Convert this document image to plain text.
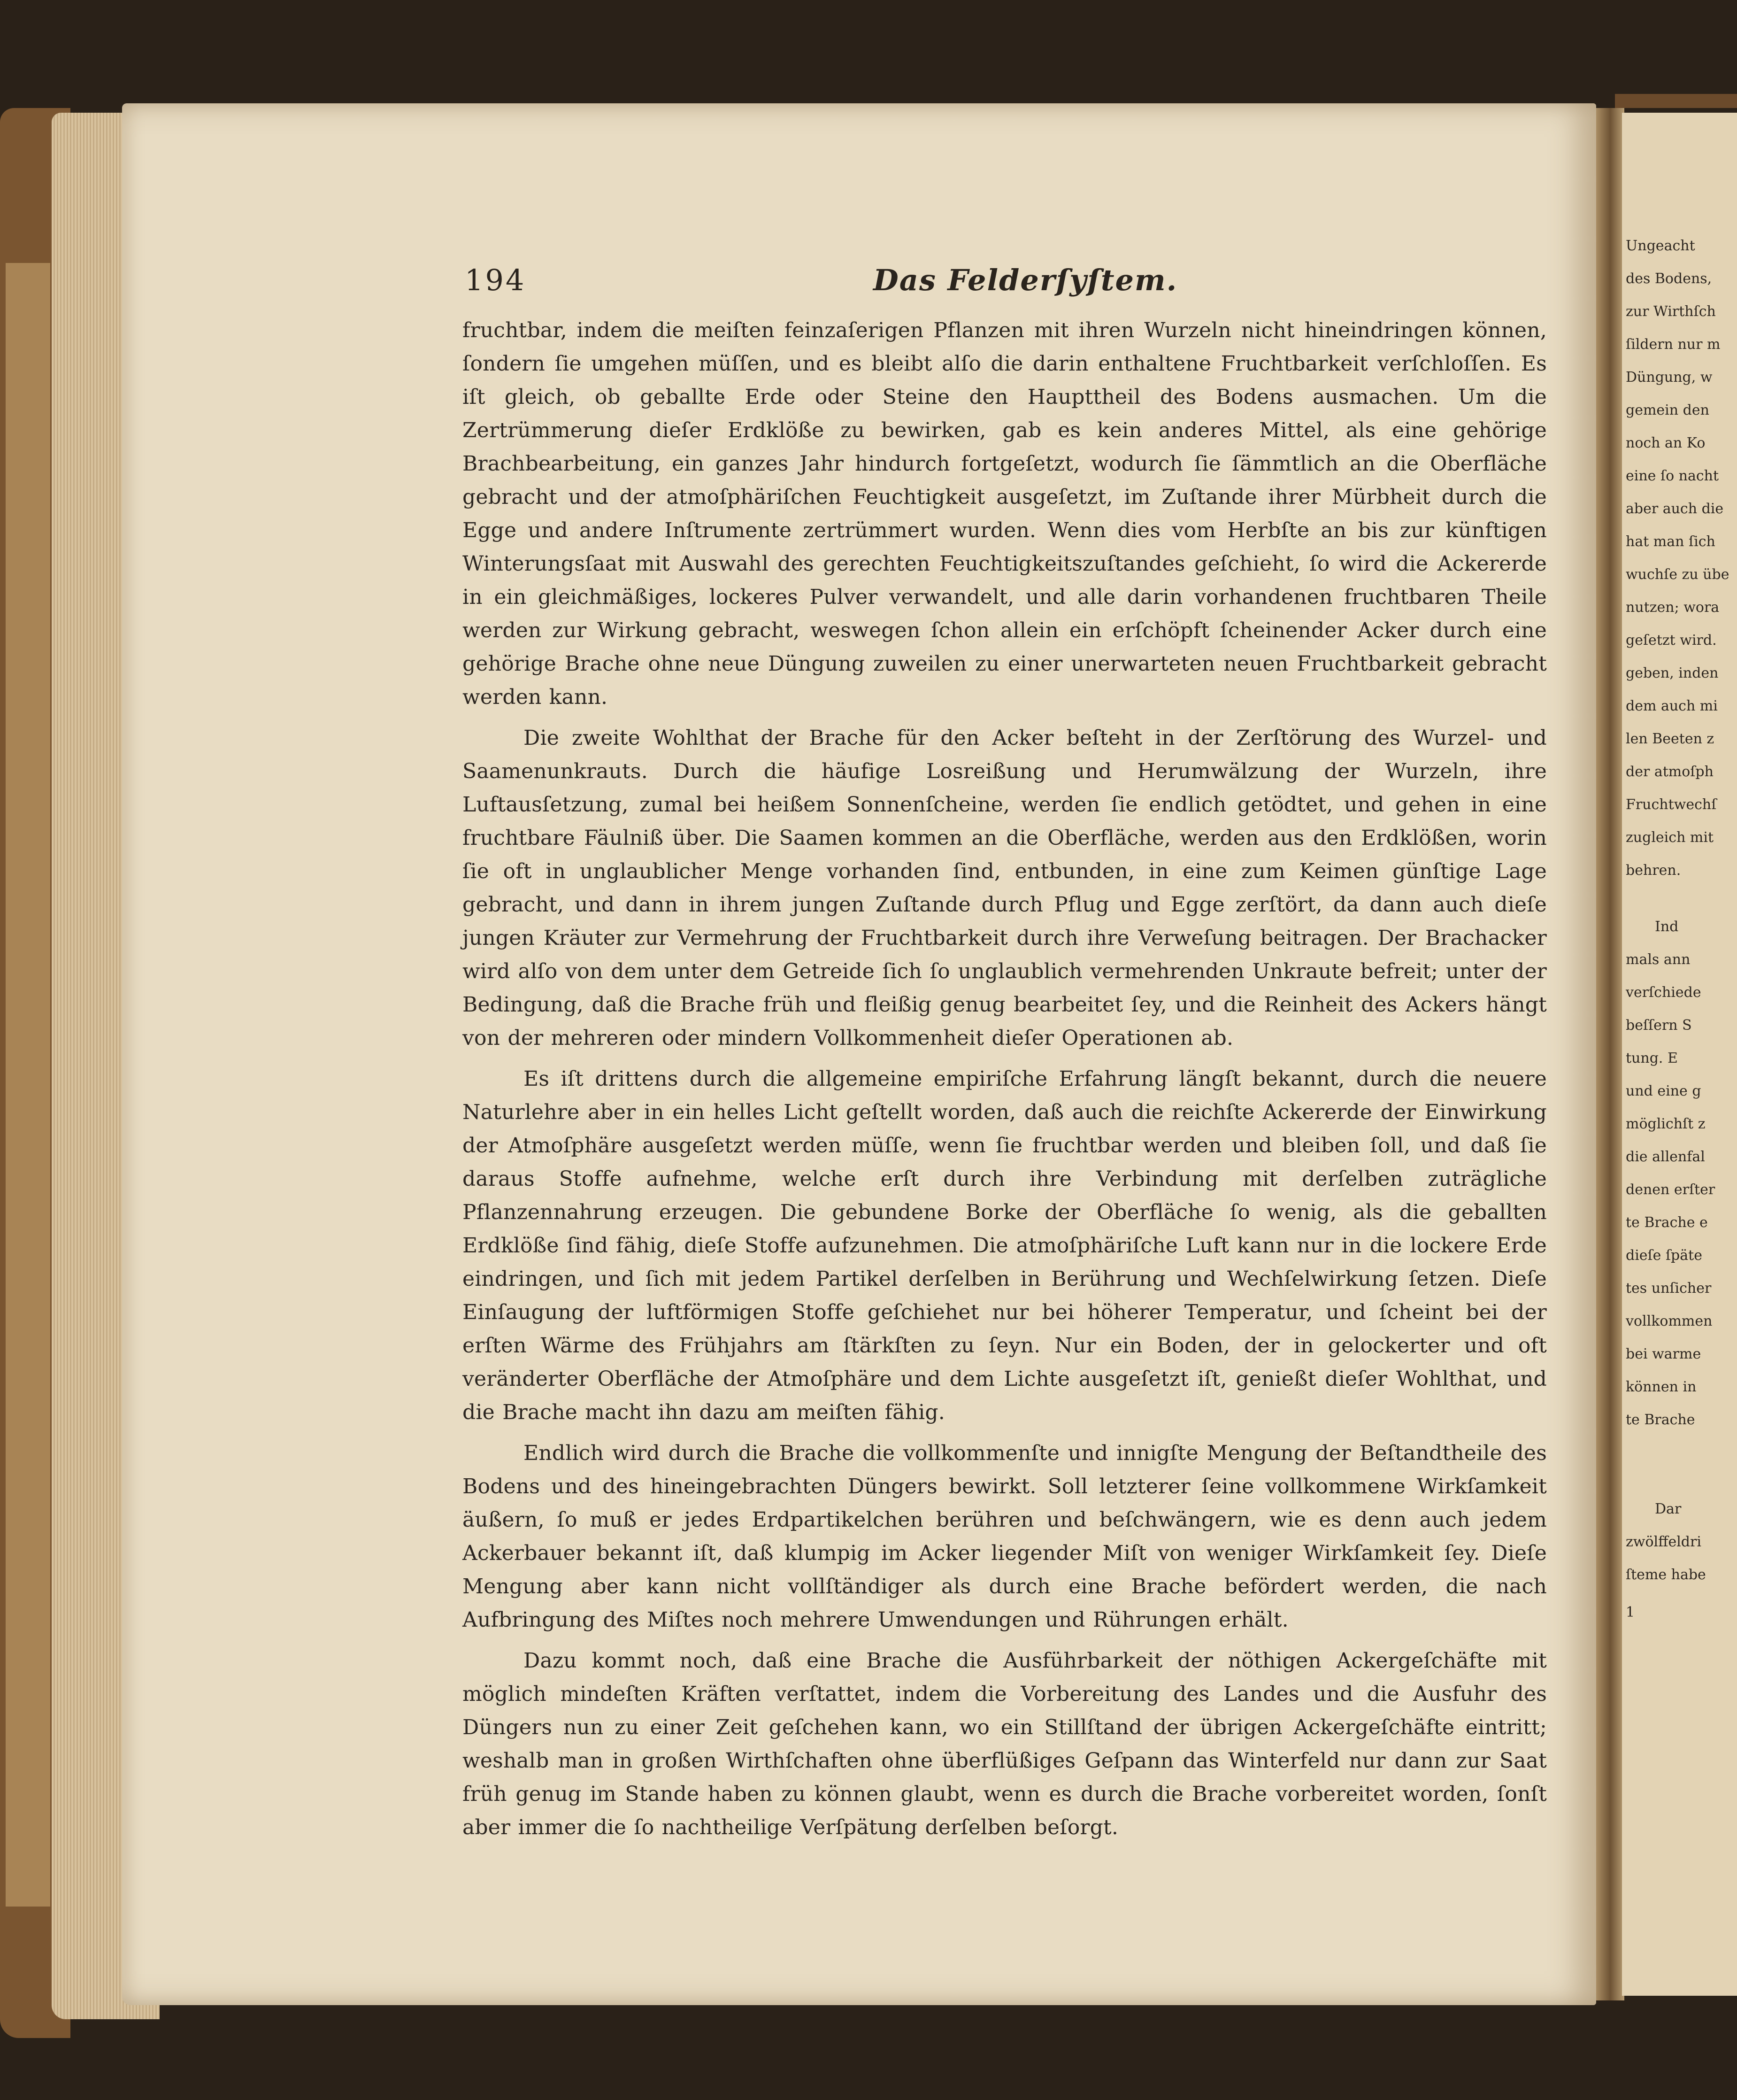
194	Das Felderſyſtem.

fruchtbar, indem die meiſten feinzaſerigen Pflanzen mit ihren Wurzeln nicht hineindringen können, ſondern ſie umgehen müſſen, und es bleibt alſo die darin enthaltene Fruchtbarkeit verſchloſſen. Es iſt gleich, ob geballte Erde oder Steine den Haupttheil des Bodens ausmachen. Um die Zertrümmerung dieſer Erdklöße zu bewirken, gab es kein anderes Mittel, als eine gehörige Brachbearbeitung, ein ganzes Jahr hindurch fortgeſetzt, wodurch ſie ſämmtlich an die Oberfläche gebracht und der atmoſphäriſchen Feuchtigkeit ausgeſetzt, im Zuſtande ihrer Mürbheit durch die Egge und andere Inſtrumente zertrümmert wurden. Wenn dies vom Herbſte an bis zur künftigen Winterungsſaat mit Auswahl des gerechten Feuchtigkeitszuſtandes geſchieht, ſo wird die Ackererde in ein gleichmäßiges, lockeres Pulver verwandelt, und alle darin vorhandenen fruchtbaren Theile werden zur Wirkung gebracht, weswegen ſchon allein ein erſchöpft ſcheinender Acker durch eine gehörige Brache ohne neue Düngung zuweilen zu einer unerwarteten neuen Fruchtbarkeit gebracht werden kann.

Die zweite Wohlthat der Brache für den Acker beſteht in der Zerſtörung des Wurzel- und Saamenunkrauts. Durch die häufige Losreißung und Herumwälzung der Wurzeln, ihre Luftausſetzung, zumal bei heißem Sonnenſcheine, werden ſie endlich getödtet, und gehen in eine fruchtbare Fäulniß über. Die Saamen kommen an die Oberfläche, werden aus den Erdklößen, worin ſie oft in unglaublicher Menge vorhanden ſind, entbunden, in eine zum Keimen günſtige Lage gebracht, und dann in ihrem jungen Zuſtande durch Pflug und Egge zerſtört, da dann auch dieſe jungen Kräuter zur Vermehrung der Fruchtbarkeit durch ihre Verweſung beitragen. Der Brachacker wird alſo von dem unter dem Getreide ſich ſo unglaublich vermehrenden Unkraute befreit; unter der Bedingung, daß die Brache früh und fleißig genug bearbeitet ſey, und die Reinheit des Ackers hängt von der mehreren oder mindern Vollkommenheit dieſer Operationen ab.

Es iſt drittens durch die allgemeine empiriſche Erfahrung längſt bekannt, durch die neuere Naturlehre aber in ein helles Licht geſtellt worden, daß auch die reichſte Ackererde der Einwirkung der Atmoſphäre ausgeſetzt werden müſſe, wenn ſie fruchtbar werden und bleiben ſoll, und daß ſie daraus Stoffe aufnehme, welche erſt durch ihre Verbindung mit derſelben zuträgliche Pflanzennahrung erzeugen. Die gebundene Borke der Oberfläche ſo wenig, als die geballten Erdklöße ſind fähig, dieſe Stoffe aufzunehmen. Die atmoſphäriſche Luft kann nur in die lockere Erde eindringen, und ſich mit jedem Partikel derſelben in Berührung und Wechſelwirkung ſetzen. Dieſe Einſaugung der luftförmigen Stoffe geſchiehet nur bei höherer Temperatur, und ſcheint bei der erſten Wärme des Frühjahrs am ſtärkſten zu ſeyn. Nur ein Boden, der in gelockerter und oft veränderter Oberfläche der Atmoſphäre und dem Lichte ausgeſetzt iſt, genießt dieſer Wohlthat, und die Brache macht ihn dazu am meiſten fähig.

Endlich wird durch die Brache die vollkommenſte und innigſte Mengung der Beſtandtheile des Bodens und des hineingebrachten Düngers bewirkt. Soll letzterer ſeine vollkommene Wirkſamkeit äußern, ſo muß er jedes Erdpartikelchen berühren und beſchwängern, wie es denn auch jedem Ackerbauer bekannt iſt, daß klumpig im Acker liegender Miſt von weniger Wirkſamkeit ſey. Dieſe Mengung aber kann nicht vollſtändiger als durch eine Brache befördert werden, die nach Aufbringung des Miſtes noch mehrere Umwendungen und Rührungen erhält.

Dazu kommt noch, daß eine Brache die Ausführbarkeit der nöthigen Ackergeſchäfte mit möglich mindeſten Kräften verſtattet, indem die Vorbereitung des Landes und die Ausfuhr des Düngers nun zu einer Zeit geſchehen kann, wo ein Stillſtand der übrigen Ackergeſchäfte eintritt; weshalb man in großen Wirthſchaften ohne überflüßiges Geſpann das Winterfeld nur dann zur Saat früh genug im Stande haben zu können glaubt, wenn es durch die Brache vorbereitet worden, ſonſt aber immer die ſo nachtheilige Verſpätung derſelben beſorgt.

Ungeacht
des Bodens,
zur Wirthſch
ſildern nur m
Düngung, w
gemein den
noch an Ko
eine ſo nacht
aber auch die
hat man ſich
wuchſe zu übe
nutzen; wora
geſetzt wird.
geben, inden
dem auch mi
len Beeten z
der atmoſph
Fruchtwechſ
zugleich mit
behren.
Ind
mals ann
verſchiede
beſſern S
tung. E
und eine g
möglichſt z
die allenfal
denen erſter
te Brache e
dieſe ſpäte
tes unſicher
vollkommen
bei warme
können in
te Brache
Dar
zwölffeldri
ſteme habe
1
